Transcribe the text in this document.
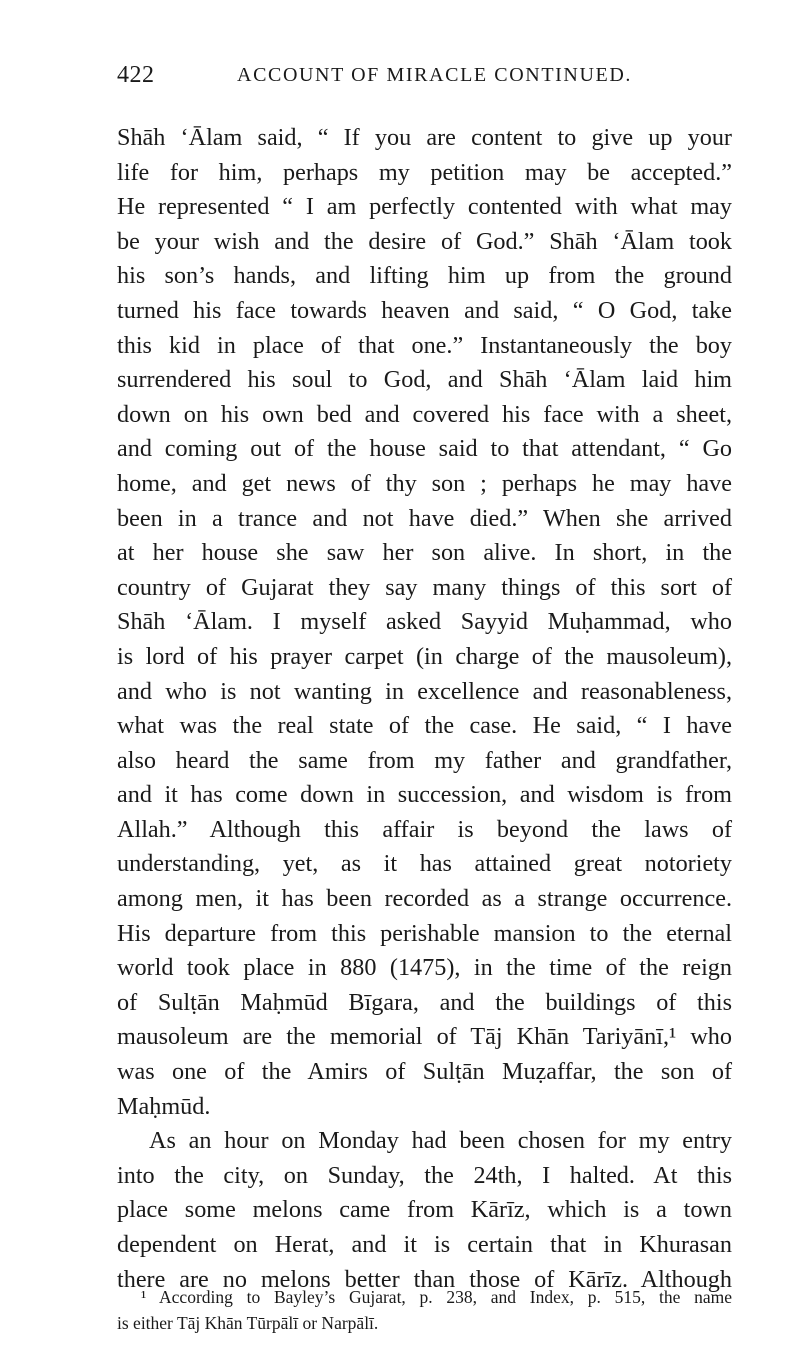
422	ACCOUNT OF MIRACLE CONTINUED.
Shāh ‘Ālam said, “ If you are content to give up your
life for him, perhaps my petition may be accepted.”
He represented “ I am perfectly contented with what may
be your wish and the desire of God.” Shāh ‘Ālam took
his son’s hands, and lifting him up from the ground
turned his face towards heaven and said, “ O God, take
this kid in place of that one.” Instantaneously the boy
surrendered his soul to God, and Shāh ‘Ālam laid him
down on his own bed and covered his face with a sheet,
and coming out of the house said to that attendant, “ Go
home, and get news of thy son ; perhaps he may have
been in a trance and not have died.” When she arrived
at her house she saw her son alive. In short, in the
country of Gujarat they say many things of this sort of
Shāh ‘Ālam. I myself asked Sayyid Muḥammad, who
is lord of his prayer carpet (in charge of the mausoleum),
and who is not wanting in excellence and reasonableness,
what was the real state of the case. He said, “ I have
also heard the same from my father and grandfather,
and it has come down in succession, and wisdom is from
Allah.” Although this affair is beyond the laws of
understanding, yet, as it has attained great notoriety
among men, it has been recorded as a strange occurrence.
His departure from this perishable mansion to the eternal
world took place in 880 (1475), in the time of the reign
of Sulṭān Maḥmūd Bīgara, and the buildings of this
mausoleum are the memorial of Tāj Khān Tariyānī,¹ who
was one of the Amirs of Sulṭān Muẓaffar, the son of
Maḥmūd.
As an hour on Monday had been chosen for my entry
into the city, on Sunday, the 24th, I halted. At this
place some melons came from Kārīz, which is a town
dependent on Herat, and it is certain that in Khurasan
there are no melons better than those of Kārīz. Although
¹ According to Bayley’s Gujarat, p. 238, and Index, p. 515, the name
is either Tāj Khān Tūrpālī or Narpālī.
